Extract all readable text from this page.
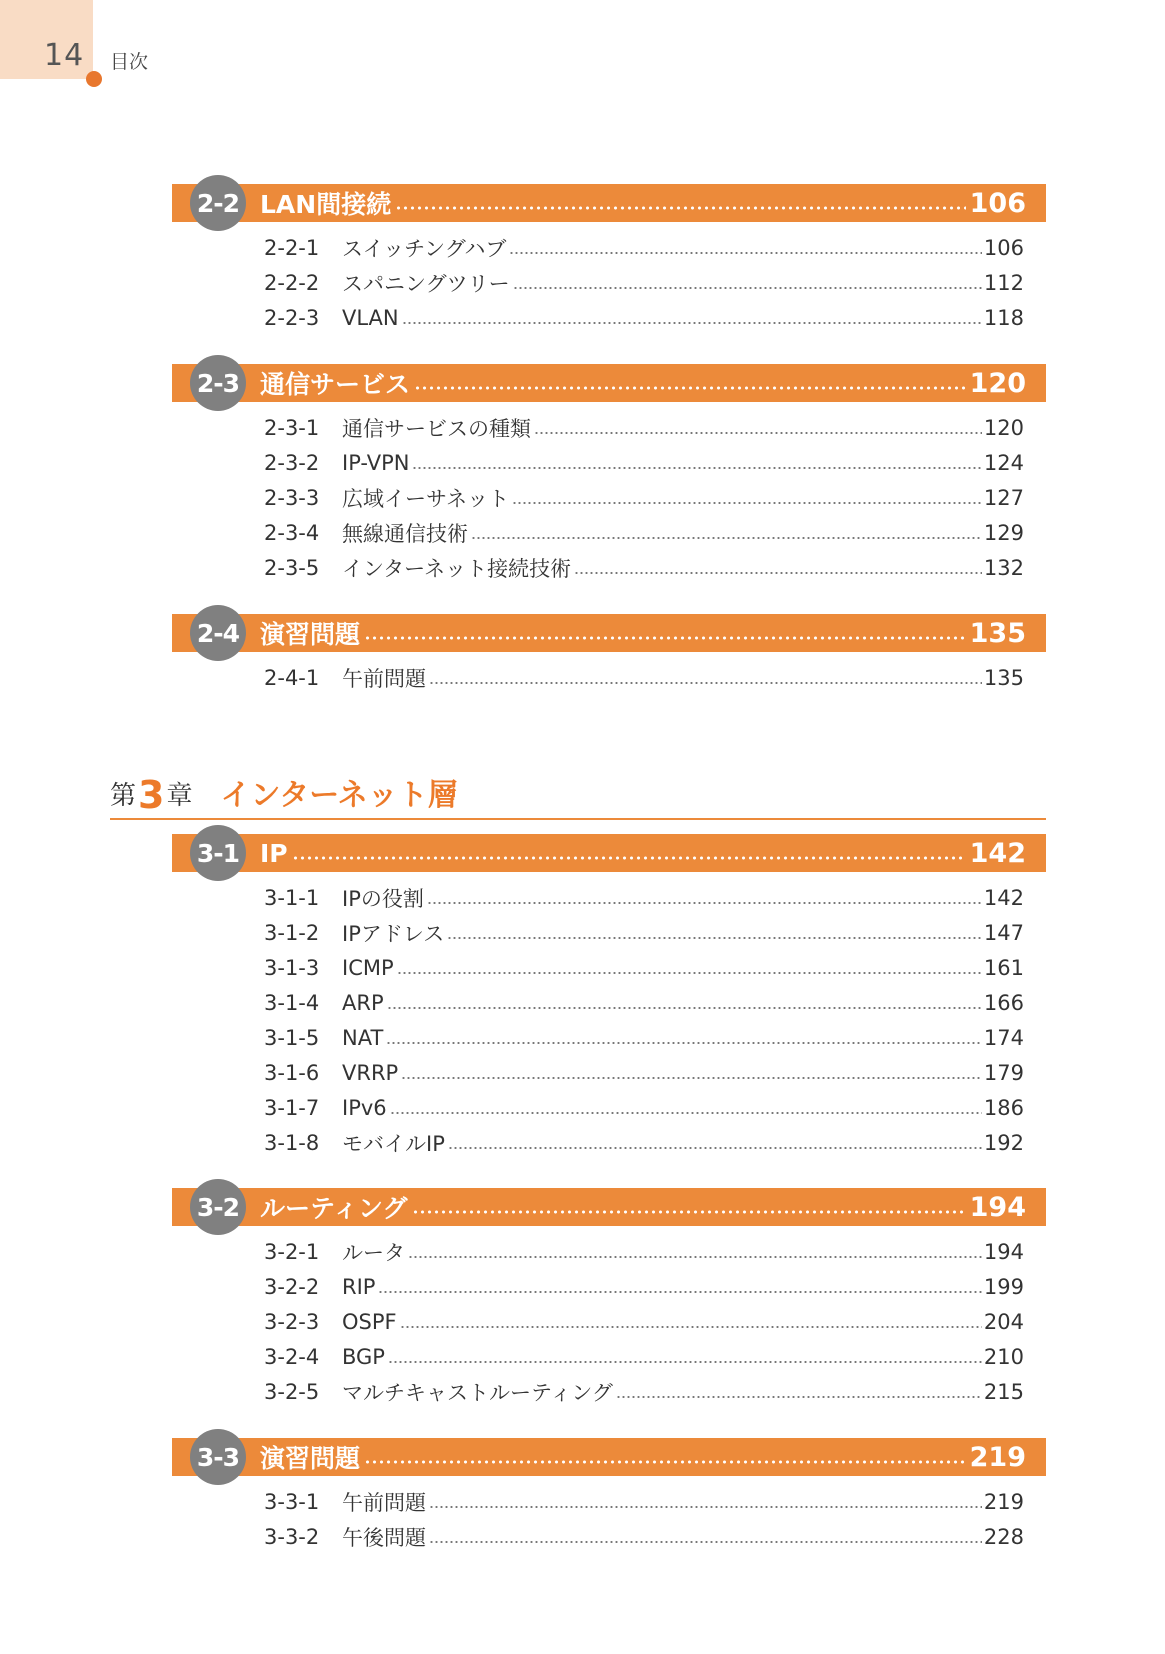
14 目次
2-2 LAN間接続	106
2-2-1	スイッチングハブ	106
2-2-2	スパニングツリー	112
2-2-3	VLAN	118
2-3 通信サービス	120
2-3-1	通信サービスの種類	120
2-3-2	IP-VPN	124
2-3-3	広域イーサネット	127
2-3-4	無線通信技術	129
2-3-5	インターネット接続技術	132
2-4 演習問題	135
2-4-1	午前問題	135
第 3 章 インターネット層
3-1 IP	142
3-1-1	IPの役割	142
3-1-2	IPアドレス	147
3-1-3	ICMP	161
3-1-4	ARP	166
3-1-5	NAT	174
3-1-6	VRRP	179
3-1-7	IPv6	186
3-1-8	モバイルIP	192
3-2 ルーティング	194
3-2-1	ルータ	194
3-2-2	RIP	199
3-2-3	OSPF	204
3-2-4	BGP	210
3-2-5	マルチキャストルーティング	215
3-3 演習問題	219
3-3-1	午前問題	219
3-3-2	午後問題	228
